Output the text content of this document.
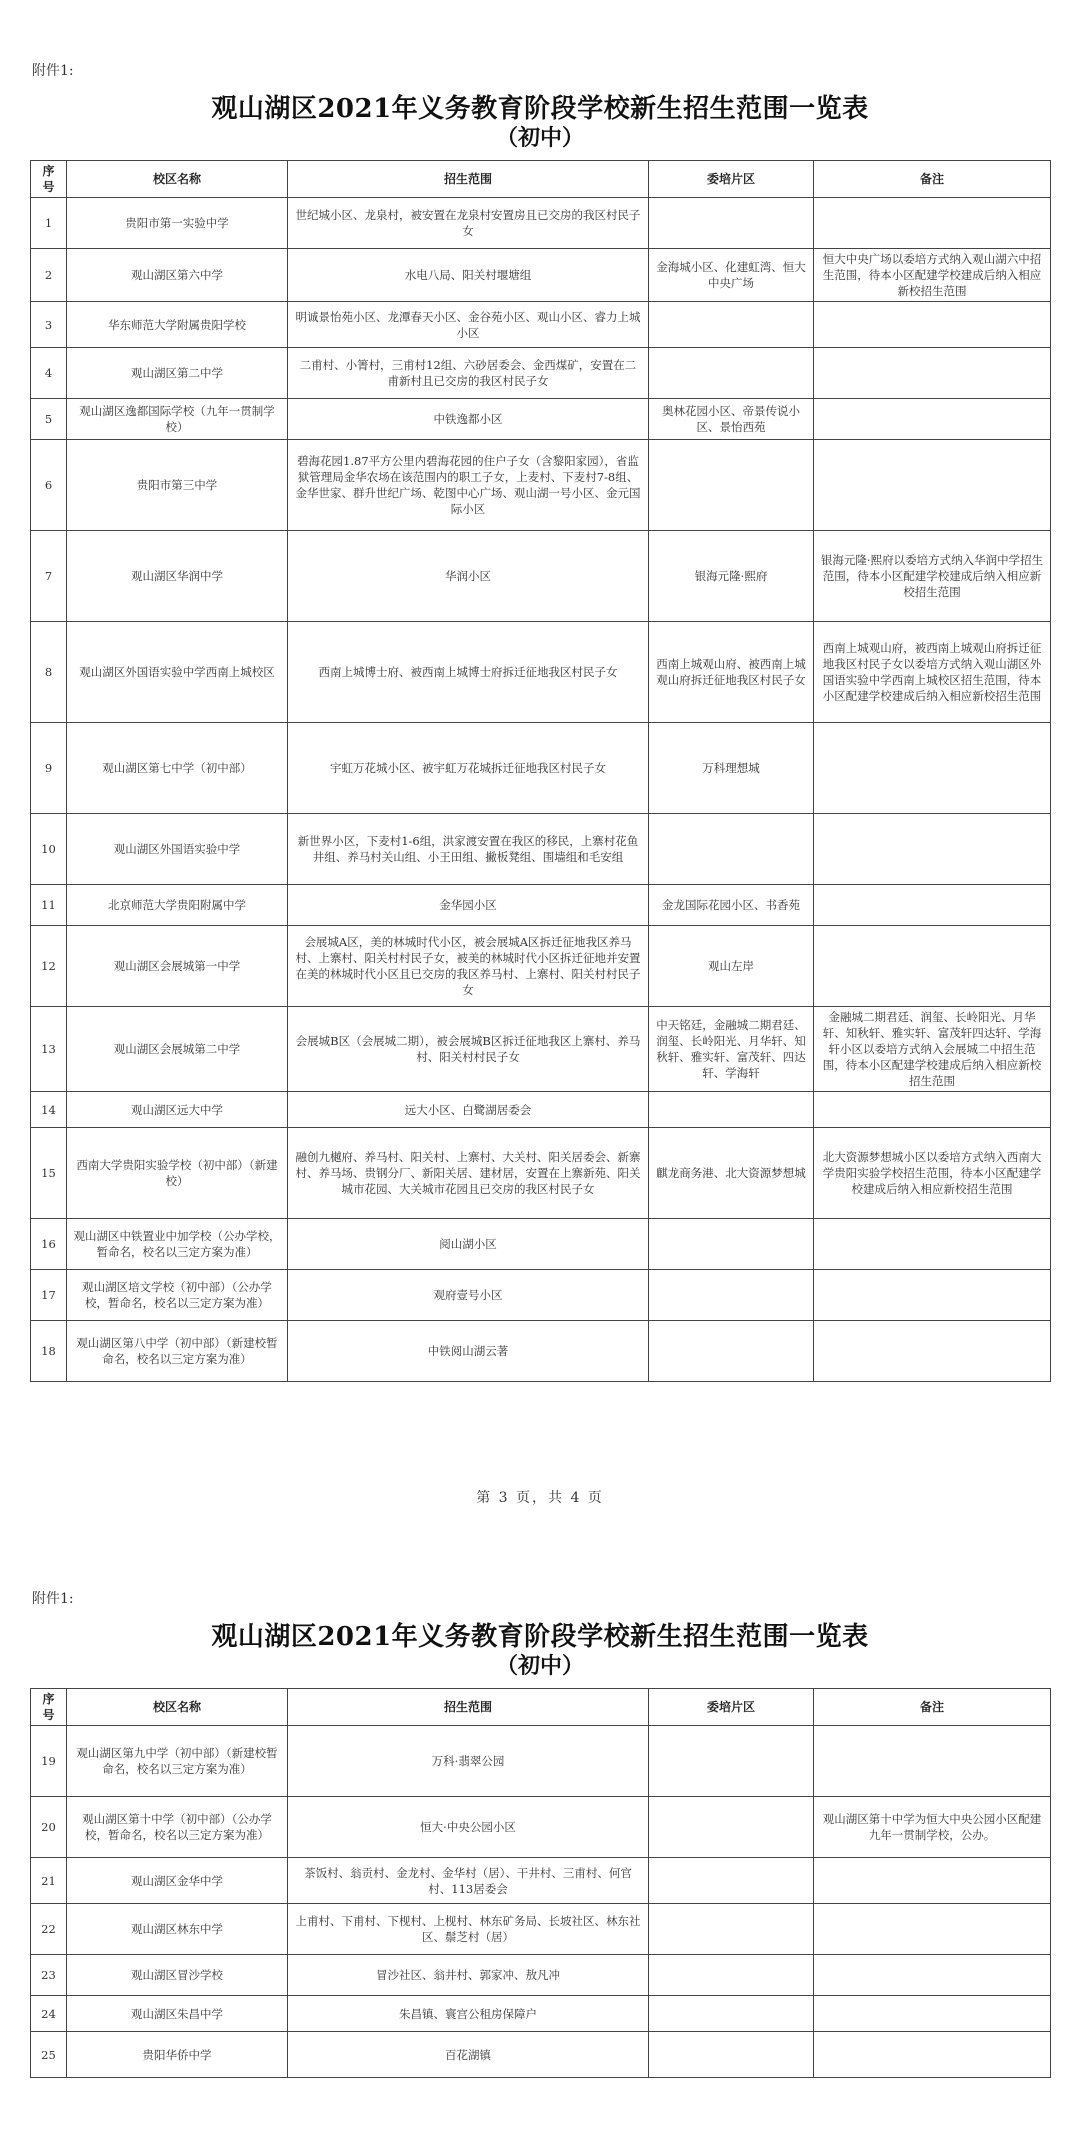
附件1:
观山湖区2021年义务教育阶段学校新生招生范围一览表
（初中）
序号	校区名称	招生范围	委培片区	备注
1	贵阳市第一实验中学	世纪城小区、龙泉村，被安置在龙泉村安置房且已交房的我区村民子女		
2	观山湖区第六中学	水电八局、阳关村堰塘组	金海城小区、化建虹湾、恒大中央广场	恒大中央广场以委培方式纳入观山湖六中招生范围，待本小区配建学校建成后纳入相应新校招生范围
3	华东师范大学附属贵阳学校	明诚景怡苑小区、龙潭春天小区、金谷苑小区、观山小区、睿力上城小区		
4	观山湖区第二中学	二甫村、小箐村，三甫村12组、六砂居委会、金西煤矿，安置在二甫新村且已交房的我区村民子女		
5	观山湖区逸都国际学校（九年一贯制学校）	中铁逸都小区	奥林花园小区、帝景传说小区、景怡西苑	
6	贵阳市第三中学	碧海花园1.87平方公里内碧海花园的住户子女（含黎阳家园），省监狱管理局金华农场在该范围内的职工子女，上麦村、下麦村7-8组、金华世家、群升世纪广场、乾图中心广场、观山湖一号小区、金元国际小区		
7	观山湖区华润中学	华润小区	银海元隆·熙府	银海元隆·熙府以委培方式纳入华润中学招生范围，待本小区配建学校建成后纳入相应新校招生范围
8	观山湖区外国语实验中学西南上城校区	西南上城博士府、被西南上城博士府拆迁征地我区村民子女	西南上城观山府、被西南上城观山府拆迁征地我区村民子女	西南上城观山府，被西南上城观山府拆迁征地我区村民子女以委培方式纳入观山湖区外国语实验中学西南上城校区招生范围，待本小区配建学校建成后纳入相应新校招生范围
9	观山湖区第七中学（初中部）	宇虹万花城小区、被宇虹万花城拆迁征地我区村民子女	万科理想城	
10	观山湖区外国语实验中学	新世界小区，下麦村1-6组，洪家渡安置在我区的移民，上寨村花鱼井组、养马村关山组、小王田组、撇板凳组、围墙组和毛安组		
11	北京师范大学贵阳附属中学	金华园小区	金龙国际花园小区、书香苑	
12	观山湖区会展城第一中学	会展城A区，美的林城时代小区，被会展城A区拆迁征地我区养马村、上寨村、阳关村村民子女，被美的林城时代小区拆迁征地并安置在美的林城时代小区且已交房的我区养马村、上寨村、阳关村村民子女	观山左岸	
13	观山湖区会展城第二中学	会展城B区（会展城二期），被会展城B区拆迁征地我区上寨村、养马村、阳关村村民子女	中天铭廷，金融城二期君廷、润玺、长岭阳光、月华轩、知秋轩、雅实轩、富茂轩、四达轩、学海轩	金融城二期君廷、润玺、长岭阳光、月华轩、知秋轩、雅实轩、富茂轩四达轩、学海轩小区以委培方式纳入会展城二中招生范围，待本小区配建学校建成后纳入相应新校招生范围
14	观山湖区远大中学	远大小区、白鹭湖居委会		
15	西南大学贵阳实验学校（初中部）（新建校）	融创九樾府、养马村、阳关村、上寨村、大关村、阳关居委会、新寨村、养马场、贵钢分厂、新阳关居、建材居，安置在上寨新苑、阳关城市花园、大关城市花园且已交房的我区村民子女	麒龙商务港、北大资源梦想城	北大资源梦想城小区以委培方式纳入西南大学贵阳实验学校招生范围，待本小区配建学校建成后纳入相应新校招生范围
16	观山湖区中铁置业中加学校（公办学校，暂命名，校名以三定方案为准）	阅山湖小区		
17	观山湖区培文学校（初中部）（公办学校，暂命名，校名以三定方案为准）	观府壹号小区		
18	观山湖区第八中学（初中部）（新建校暂命名，校名以三定方案为准）	中铁阅山湖云著		
第 3 页，共 4 页
附件1:
观山湖区2021年义务教育阶段学校新生招生范围一览表
（初中）
序号	校区名称	招生范围	委培片区	备注
19	观山湖区第九中学（初中部）（新建校暂命名，校名以三定方案为准）	万科·翡翠公园		
20	观山湖区第十中学（初中部）（公办学校，暂命名，校名以三定方案为准）	恒大·中央公园小区		观山湖区第十中学为恒大中央公园小区配建九年一贯制学校，公办。
21	观山湖区金华中学	茶饭村、翁贡村、金龙村、金华村（居）、干井村、三甫村、何官村、113居委会		
22	观山湖区林东中学	上甫村、下甫村、下枧村、上枧村、林东矿务局、长坡社区、林东社区、鬃芝村（居）		
23	观山湖区冒沙学校	冒沙社区、翁井村、郭家冲、敖凡冲		
24	观山湖区朱昌中学	朱昌镇、寰宫公租房保障户		
25	贵阳华侨中学	百花湖镇		
